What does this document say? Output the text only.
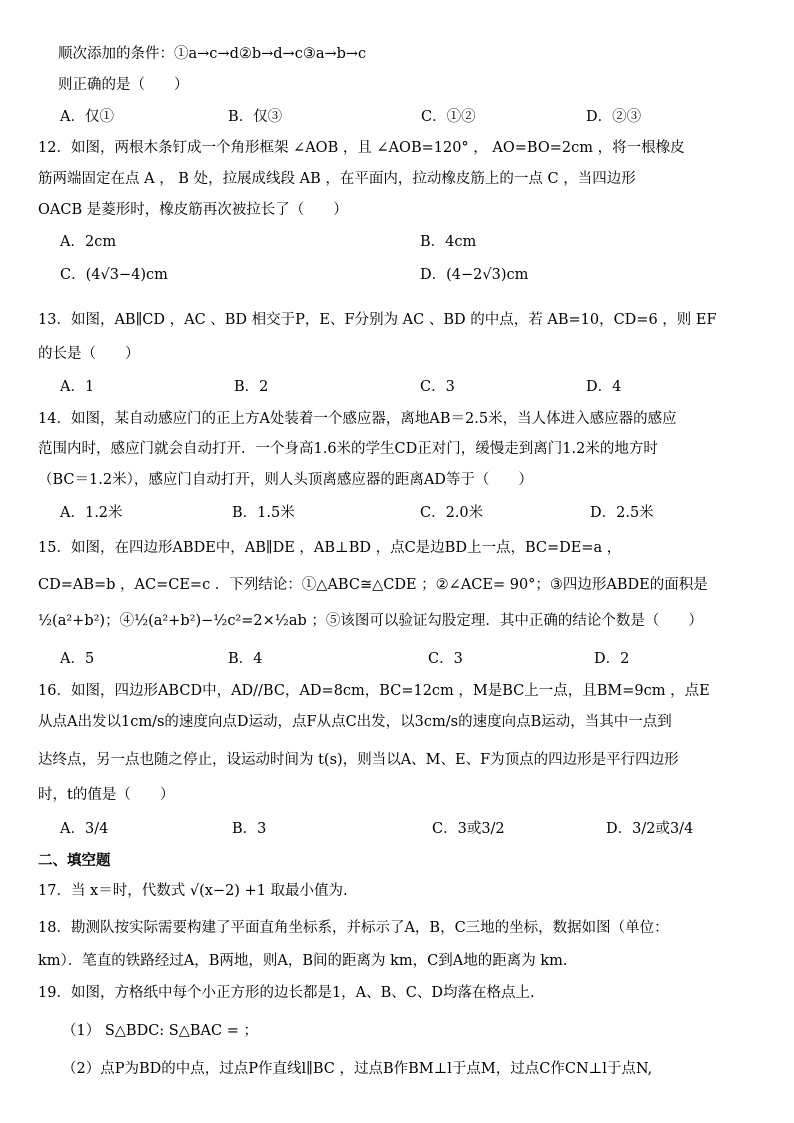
顺次添加的条件：①a→c→d②b→d→c③a→b→c
则正确的是（　　）
A．仅①	B．仅③	C．①②	D．②③
12．如图，两根木条钉成一个角形框架 ∠AOB ，且 ∠AOB=120° ， AO=BO=2cm ，将一根橡皮
筋两端固定在点 A ， B 处，拉展成线段 AB ，在平面内，拉动橡皮筋上的一点 C ，当四边形
OACB 是菱形时，橡皮筋再次被拉长了（　　）
A．2cm	B．4cm
C．(4√3−4)cm	D．(4−2√3)cm
13．如图，AB∥CD ，AC 、BD 相交于P，E、F分别为 AC 、BD 的中点，若 AB=10，CD=6 ，则 EF
的长是（　　）
A．1	B．2	C．3	D．4
14．如图，某自动感应门的正上方A处装着一个感应器，离地AB＝2.5米，当人体进入感应器的感应
范围内时，感应门就会自动打开．一个身高1.6米的学生CD正对门，缓慢走到离门1.2米的地方时
（BC＝1.2米），感应门自动打开，则人头顶离感应器的距离AD等于（　　）
A．1.2米	B．1.5米	C．2.0米	D．2.5米
15．如图，在四边形ABDE中，AB∥DE ，AB⊥BD ，点C是边BD上一点，BC=DE=a ，
CD=AB=b ，AC=CE=c ．下列结论：①△ABC≅△CDE ；②∠ACE= 90°；③四边形ABDE的面积是
½(a²+b²)；④½(a²+b²)−½c²=2×½ab ；⑤该图可以验证勾股定理．其中正确的结论个数是（　　）
A．5	B．4	C．3	D．2
16．如图，四边形ABCD中，AD//BC，AD=8cm，BC=12cm ，M是BC上一点，且BM=9cm ，点E
从点A出发以1cm/s的速度向点D运动，点F从点C出发，以3cm/s的速度向点B运动，当其中一点到
达终点，另一点也随之停止，设运动时间为 t(s)，则当以A、M、E、F为顶点的四边形是平行四边形
时，t的值是（　　）
A．3/4	B．3	C．3或3/2	D．3/2或3/4
二、填空题
17．当 x＝时，代数式 √(x−2) +1 取最小值为.
18．勘测队按实际需要构建了平面直角坐标系，并标示了A，B，C三地的坐标，数据如图（单位：
km）．笔直的铁路经过A，B两地，则A，B间的距离为 km，C到A地的距离为 km.
19．如图，方格纸中每个小正方形的边长都是1，A、B、C、D均落在格点上.
（1） S△BDC: S△BAC = ；
（2）点P为BD的中点，过点P作直线l∥BC ，过点B作BM⊥l于点M，过点C作CN⊥l于点N,
